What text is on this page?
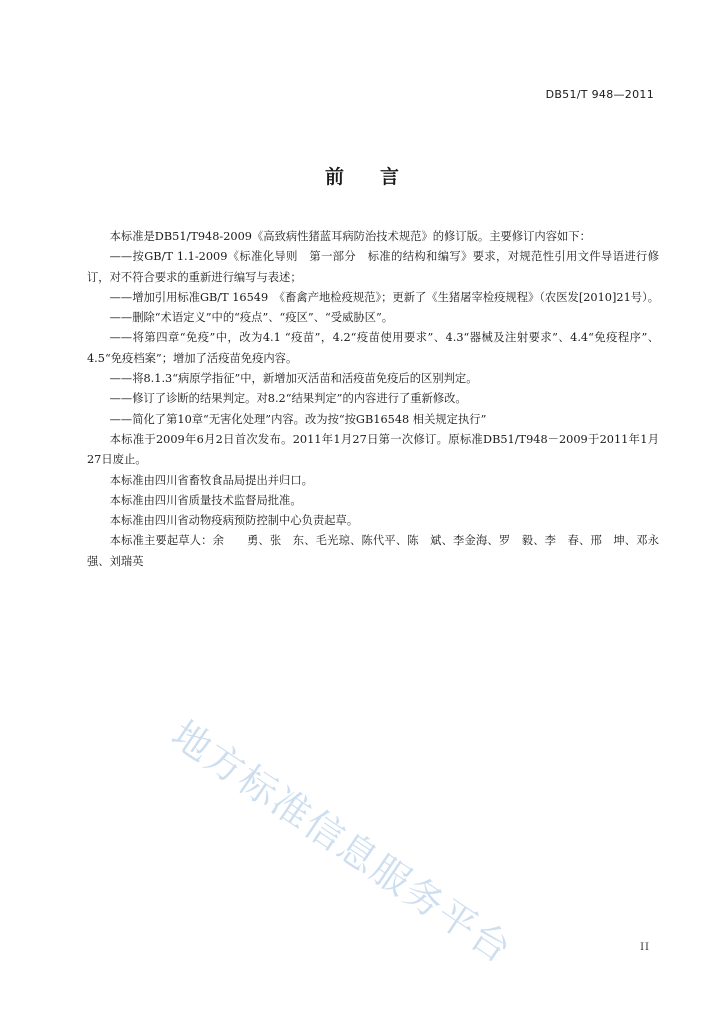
DB51/T 948—2011
前 言

本标准是DB51/T948-2009《高致病性猪蓝耳病防治技术规范》的修订版。主要修订内容如下：

——按GB/T 1.1-2009《标准化导则　第一部分　标准的结构和编写》要求，对规范性引用文件导语进行修订，对不符合要求的重新进行编写与表述；

——增加引用标准GB/T 16549　《畜禽产地检疫规范》；更新了《生猪屠宰检疫规程》（农医发[2010]21号）。

——删除“术语定义”中的“疫点”、“疫区”、“受威胁区”。

——将第四章“免疫”中，改为4.1 “疫苗”，4.2“疫苗使用要求”、4.3“器械及注射要求”、4.4“免疫程序”、4.5“免疫档案”；增加了活疫苗免疫内容。

——将8.1.3“病原学指征”中，新增加灭活苗和活疫苗免疫后的区别判定。

——修订了诊断的结果判定。对8.2“结果判定”的内容进行了重新修改。

——简化了第10章“无害化处理”内容。改为按“按GB16548 相关规定执行”

本标准于2009年6月2日首次发布。2011年1月27日第一次修订。原标准DB51/T948－2009于2011年1月27日废止。

本标准由四川省畜牧食品局提出并归口。

本标准由四川省质量技术监督局批准。

本标准由四川省动物疫病预防控制中心负责起草。

本标准主要起草人：余　　勇、张　东、毛光琼、陈代平、陈　斌、李金海、罗　毅、李　春、邢　坤、邓永强、刘瑞英

地方标准信息服务平台	II
